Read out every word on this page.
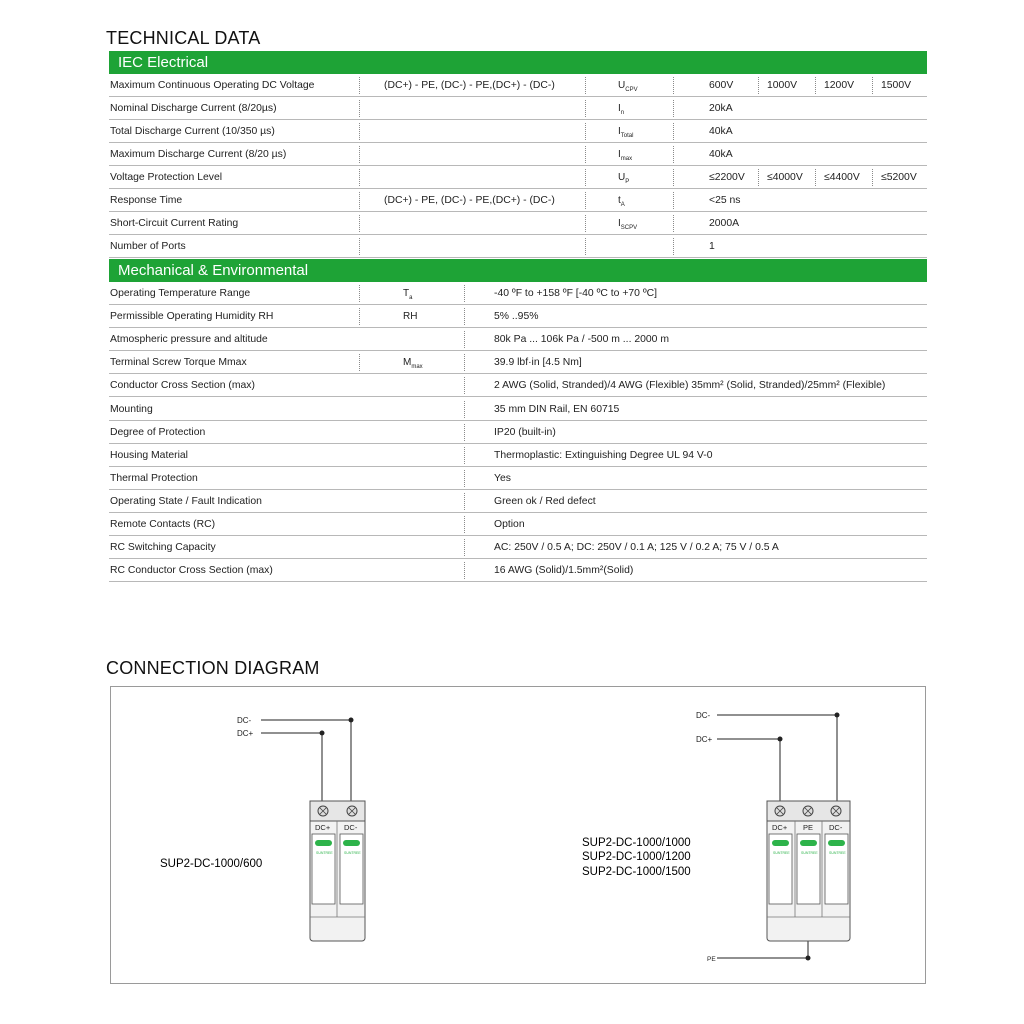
TECHNICAL DATA
IEC Electrical
Maximum Continuous Operating DC Voltage	(DC+) - PE, (DC-) - PE,(DC+) - (DC-)	$U_{CPV}$	600V	1000V	1200V	1500V
Nominal Discharge Current (8/20µs)	$I_n$	20kA
Total Discharge Current (10/350 µs)	$I_{Total}$	40kA
Maximum Discharge Current (8/20 µs)	$I_{max}$	40kA
Voltage Protection Level	$U_P$	≤2200V ≤4000V ≤4400V ≤5200V
Response Time	(DC+) - PE, (DC-) - PE,(DC+) - (DC-)	$t_A$	<25 ns
Short-Circuit Current Rating	$I_{SCPV}$	2000A
Number of Ports	1
Mechanical & Environmental
Operating Temperature Range	$T_a$	-40 ºF to +158 ºF [-40 ºC to +70 ºC]
Permissible Operating Humidity RH	RH	5% ..95%
Atmospheric pressure and altitude	80k Pa ... 106k Pa / -500 m ... 2000 m
Terminal Screw Torque Mmax	$M_{max}$	39.9 lbf·in [4.5 Nm]
Conductor Cross Section (max)	2 AWG (Solid, Stranded)/4 AWG (Flexible) 35mm² (Solid, Stranded)/25mm² (Flexible)
Mounting	35 mm DIN Rail, EN 60715
Degree of Protection	IP20 (built-in)
Housing Material	Thermoplastic: Extinguishing Degree UL 94 V-0
Thermal Protection	Yes
Operating State / Fault Indication	Green ok / Red defect
Remote Contacts (RC)	Option
RC Switching Capacity	AC: 250V / 0.5 A; DC: 250V / 0.1 A; 125 V / 0.2 A; 75 V / 0.5 A
RC Conductor Cross Section (max)	16 AWG (Solid)/1.5mm²(Solid)
CONNECTION DIAGRAM
DC-
DC+
DC+ DC-
SUNTREE	SUNTREE
SUP2-DC-1000/600
DC-
DC+
PE
DC+ PE DC-
SUNTREE	SUNTREE	SUNTREE
SUP2-DC-1000/1000
SUP2-DC-1000/1200
SUP2-DC-1000/1500
